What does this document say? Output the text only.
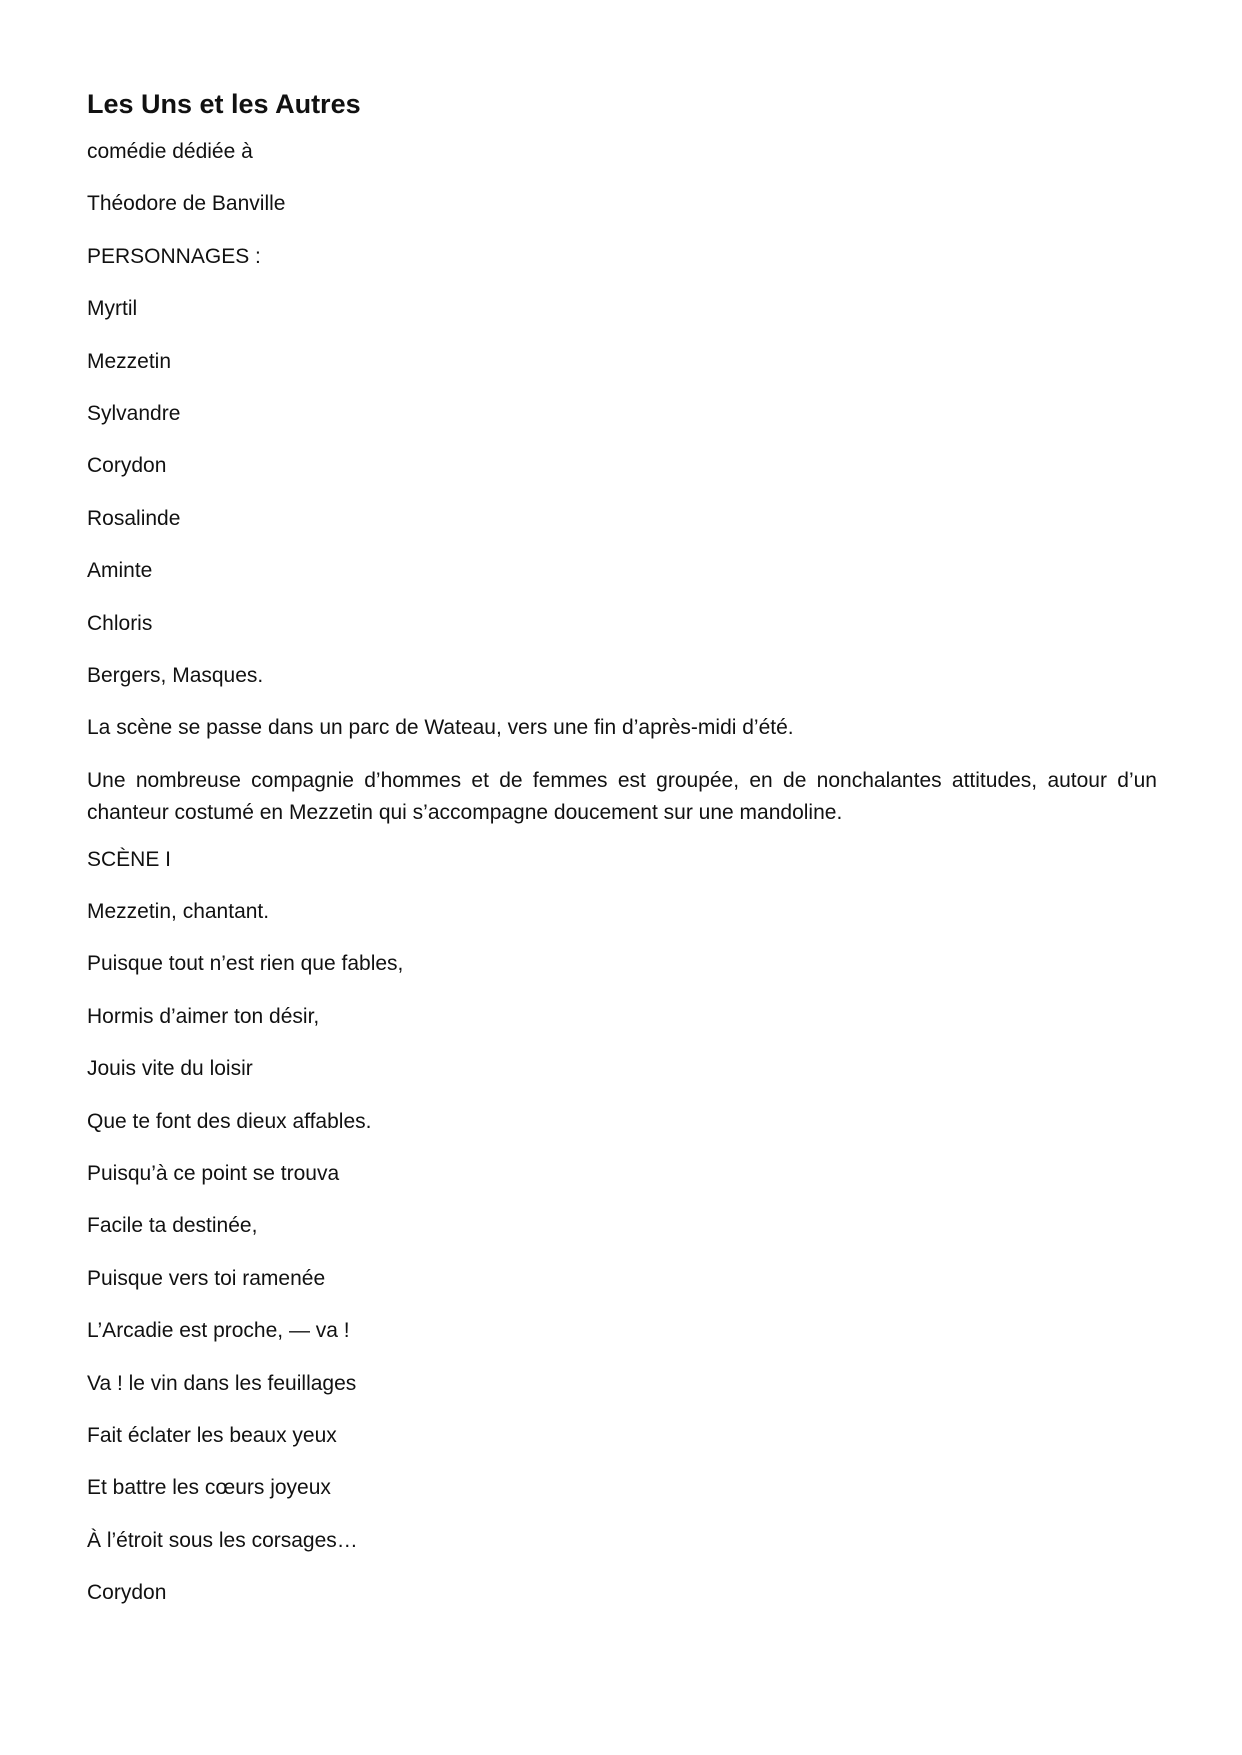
Les Uns et les Autres
comédie dédiée à
Théodore de Banville
PERSONNAGES :
Myrtil
Mezzetin
Sylvandre
Corydon
Rosalinde
Aminte
Chloris
Bergers, Masques.
La scène se passe dans un parc de Wateau, vers une fin d’après-midi d’été.
Une nombreuse compagnie d’hommes et de femmes est groupée, en de nonchalantes attitudes, autour d’un chanteur costumé en Mezzetin qui s’accompagne doucement sur une mandoline.
SCÈNE I
Mezzetin, chantant.
Puisque tout n’est rien que fables,
Hormis d’aimer ton désir,
Jouis vite du loisir
Que te font des dieux affables.
Puisqu’à ce point se trouva
Facile ta destinée,
Puisque vers toi ramenée
L’Arcadie est proche, — va !
Va ! le vin dans les feuillages
Fait éclater les beaux yeux
Et battre les cœurs joyeux
À l’étroit sous les corsages…
Corydon
